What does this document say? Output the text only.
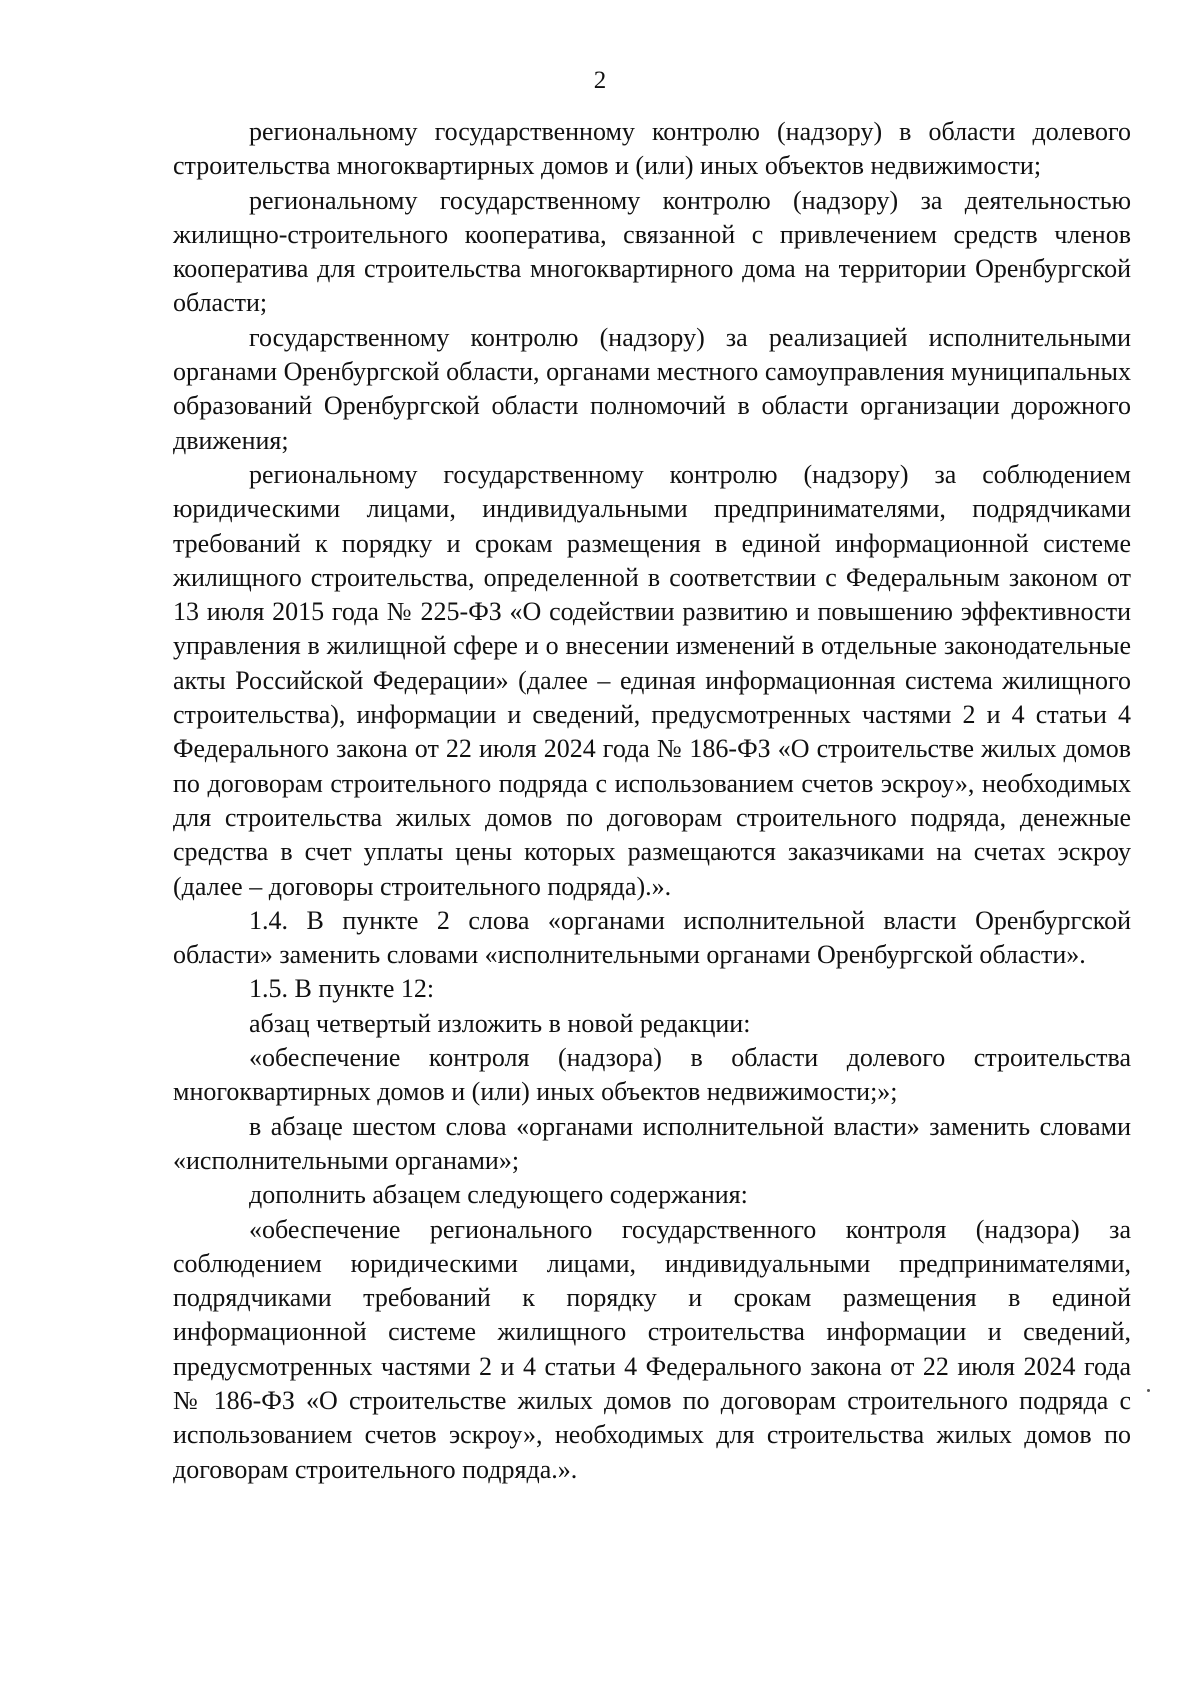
2

региональному государственному контролю (надзору) в области долевого строительства многоквартирных домов и (или) иных объектов недвижимости;

региональному государственному контролю (надзору) за деятельностью жилищно-строительного кооператива, связанной с привлечением средств членов кооператива для строительства многоквартирного дома на территории Оренбургской области;

государственному контролю (надзору) за реализацией исполнительными органами Оренбургской области, органами местного самоуправления муниципальных образований Оренбургской области полномочий в области организации дорожного движения;

региональному государственному контролю (надзору) за соблюдением юридическими лицами, индивидуальными предпринимателями, подрядчиками требований к порядку и срокам размещения в единой информационной системе жилищного строительства, определенной в соответствии с Федеральным законом от 13 июля 2015 года № 225-ФЗ «О содействии развитию и повышению эффективности управления в жилищной сфере и о внесении изменений в отдельные законодательные акты Российской Федерации» (далее – единая информационная система жилищного строительства), информации и сведений, предусмотренных частями 2 и 4 статьи 4 Федерального закона от 22 июля 2024 года № 186-ФЗ «О строительстве жилых домов по договорам строительного подряда с использованием счетов эскроу», необходимых для строительства жилых домов по договорам строительного подряда, денежные средства в счет уплаты цены которых размещаются заказчиками на счетах эскроу (далее – договоры строительного подряда).».

1.4. В пункте 2 слова «органами исполнительной власти Оренбургской области» заменить словами «исполнительными органами Оренбургской области».

1.5. В пункте 12:

абзац четвертый изложить в новой редакции:

«обеспечение контроля (надзора) в области долевого строительства многоквартирных домов и (или) иных объектов недвижимости;»;

в абзаце шестом слова «органами исполнительной власти» заменить словами «исполнительными органами»;

дополнить абзацем следующего содержания:

«обеспечение регионального государственного контроля (надзора) за соблюдением юридическими лицами, индивидуальными предпринимателями, подрядчиками требований к порядку и срокам размещения в единой информационной системе жилищного строительства информации и сведений, предусмотренных частями 2 и 4 статьи 4 Федерального закона от 22 июля 2024 года № 186-ФЗ «О строительстве жилых домов по договорам строительного подряда с использованием счетов эскроу», необходимых для строительства жилых домов по договорам строительного подряда.».
